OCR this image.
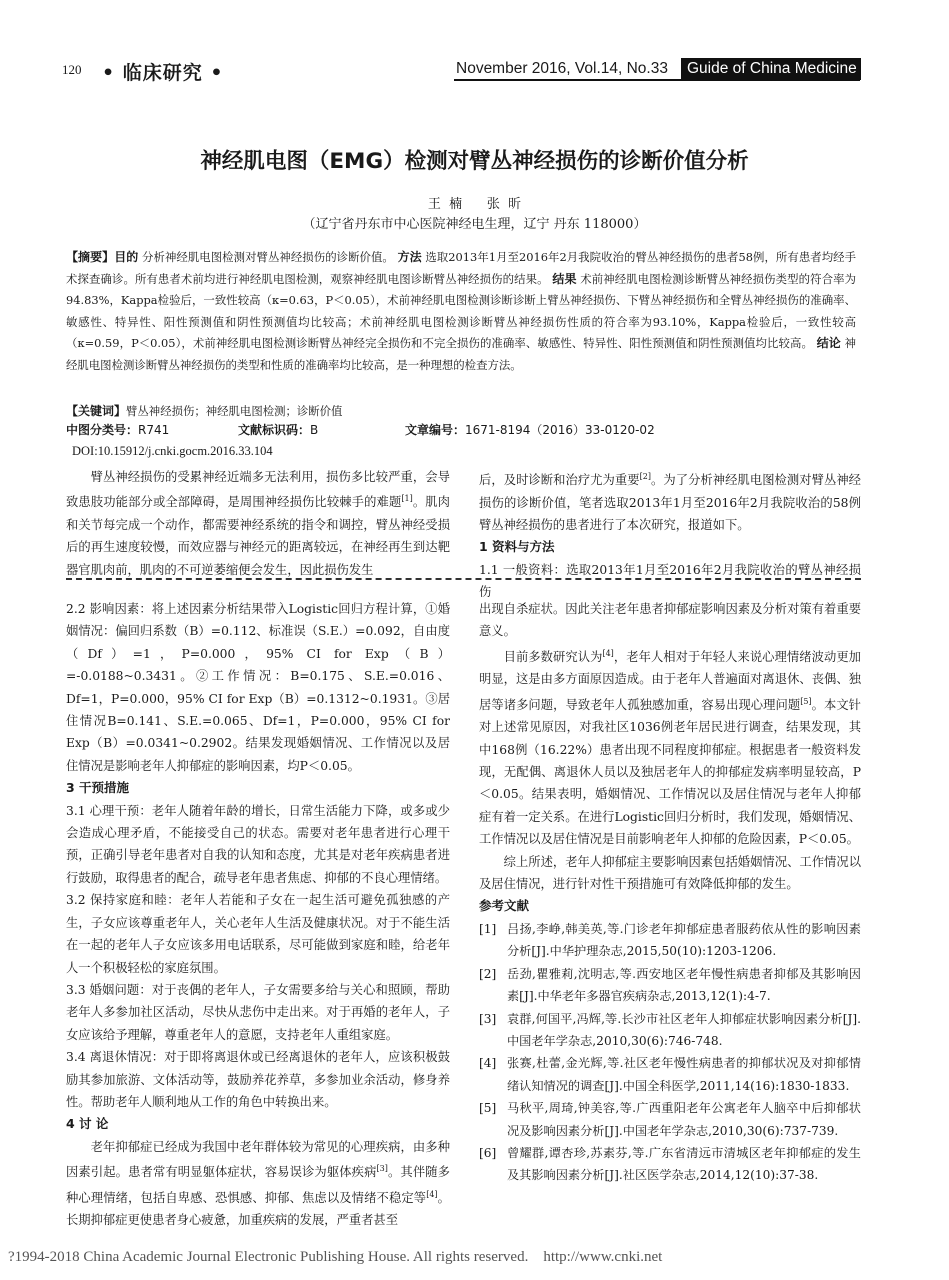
120 • 临床研究 •	November 2016, Vol.14, No.33	Guide of China Medicine
神经肌电图（EMG）检测对臂丛神经损伤的诊断价值分析
王  楠      张  昕
（辽宁省丹东市中心医院神经电生理，辽宁 丹东 118000）
【摘要】目的 分析神经肌电图检测对臂丛神经损伤的诊断价值。 方法 选取2013年1月至2016年2月我院收治的臂丛神经损伤的患者58例，所有患者均经手术探查确诊。所有患者术前均进行神经肌电图检测，观察神经肌电图诊断臂丛神经损伤的结果。 结果 术前神经肌电图检测诊断臂丛神经损伤类型的符合率为94.83%，Kappa检验后，一致性较高（κ=0.63，P＜0.05），术前神经肌电图检测诊断诊断上臂丛神经损伤、下臂丛神经损伤和全臂丛神经损伤的准确率、敏感性、特异性、阳性预测值和阴性预测值均比较高；术前神经肌电图检测诊断臂丛神经损伤性质的符合率为93.10%，Kappa检验后，一致性较高（κ=0.59，P＜0.05），术前神经肌电图检测诊断臂丛神经完全损伤和不完全损伤的准确率、敏感性、特异性、阳性预测值和阴性预测值均比较高。 结论 神经肌电图检测诊断臂丛神经损伤的类型和性质的准确率均比较高，是一种理想的检查方法。
【关键词】臂丛神经损伤；神经肌电图检测；诊断价值
中图分类号：R741	文献标识码：B	文章编号：1671-8194（2016）33-0120-02
DOI:10.15912/j.cnki.gocm.2016.33.104

臂丛神经损伤的受累神经近端多无法利用，损伤多比较严重，会导致患肢功能部分或全部障碍，是周围神经损伤比较棘手的难题[1]。肌肉和关节每完成一个动作，都需要神经系统的指令和调控，臂丛神经受损后的再生速度较慢，而效应器与神经元的距离较远，在神经再生到达靶器官肌肉前，肌肉的不可逆萎缩便会发生，因此损伤发生

后，及时诊断和治疗尤为重要[2]。为了分析神经肌电图检测对臂丛神经损伤的诊断价值，笔者选取2013年1月至2016年2月我院收治的58例臂丛神经损伤的患者进行了本次研究，报道如下。

1 资料与方法

1.1 一般资料：选取2013年1月至2016年2月我院收治的臂丛神经损伤

2.2 影响因素：将上述因素分析结果带入Logistic回归方程计算，①婚姻情况：偏回归系数（B）=0.112、标准误（S.E.）=0.092，自由度（Df）=1，P=0.000，95% CI for Exp（B）=-0.0188~0.3431。②工作情况：B=0.175、S.E.=0.016、Df=1，P=0.000，95% CI for Exp（B）=0.1312~0.1931。③居住情况B=0.141、S.E.=0.065、Df=1，P=0.000，95% CI for Exp（B）=0.0341~0.2902。结果发现婚姻情况、工作情况以及居住情况是影响老年人抑郁症的影响因素，均P＜0.05。

3 干预措施

3.1 心理干预：老年人随着年龄的增长，日常生活能力下降，或多或少会造成心理矛盾，不能接受自己的状态。需要对老年患者进行心理干预，正确引导老年患者对自我的认知和态度，尤其是对老年疾病患者进行鼓励，取得患者的配合，疏导老年患者焦虑、抑郁的不良心理情绪。

3.2 保持家庭和睦：老年人若能和子女在一起生活可避免孤独感的产生，子女应该尊重老年人，关心老年人生活及健康状况。对于不能生活在一起的老年人子女应该多用电话联系，尽可能做到家庭和睦，给老年人一个积极轻松的家庭氛围。

3.3 婚姻问题：对于丧偶的老年人，子女需要多给与关心和照顾，帮助老年人多参加社区活动，尽快从悲伤中走出来。对于再婚的老年人，子女应该给予理解，尊重老年人的意愿，支持老年人重组家庭。

3.4 离退休情况：对于即将离退休或已经离退休的老年人，应该积极鼓励其参加旅游、文体活动等，鼓励养花养草，多参加业余活动，修身养性。帮助老年人顺利地从工作的角色中转换出来。

4 讨 论

老年抑郁症已经成为我国中老年群体较为常见的心理疾病，由多种因素引起。患者常有明显躯体症状，容易误诊为躯体疾病[3]。其伴随多种心理情绪，包括自卑感、恐惧感、抑郁、焦虑以及情绪不稳定等[4]。长期抑郁症更使患者身心疲惫，加重疾病的发展，严重者甚至

出现自杀症状。因此关注老年患者抑郁症影响因素及分析对策有着重要意义。

目前多数研究认为[4]，老年人相对于年轻人来说心理情绪波动更加明显，这是由多方面原因造成。由于老年人普遍面对离退休、丧偶、独居等诸多问题，导致老年人孤独感加重，容易出现心理问题[5]。本文针对上述常见原因，对我社区1036例老年居民进行调查，结果发现，其中168例（16.22%）患者出现不同程度抑郁症。根据患者一般资料发现，无配偶、离退休人员以及独居老年人的抑郁症发病率明显较高，P＜0.05。结果表明，婚姻情况、工作情况以及居住情况与老年人抑郁症有着一定关系。在进行Logistic回归分析时，我们发现，婚姻情况、工作情况以及居住情况是目前影响老年人抑郁的危险因素，P＜0.05。

综上所述，老年人抑郁症主要影响因素包括婚姻情况、工作情况以及居住情况，进行针对性干预措施可有效降低抑郁的发生。

参考文献

[1] 吕扬,李峥,韩美英,等.门诊老年抑郁症患者服药依从性的影响因素分析[J].中华护理杂志,2015,50(10):1203-1206.
[2] 岳劲,瞿雅莉,沈明志,等.西安地区老年慢性病患者抑郁及其影响因素[J].中华老年多器官疾病杂志,2013,12(1):4-7.
[3] 袁群,何国平,冯辉,等.长沙市社区老年人抑郁症状影响因素分析[J].中国老年学杂志,2010,30(6):746-748.
[4] 张赛,杜蕾,金光辉,等.社区老年慢性病患者的抑郁状况及对抑郁情绪认知情况的调查[J].中国全科医学,2011,14(16):1830-1833.
[5] 马秋平,周琦,钟美容,等.广西重阳老年公寓老年人脑卒中后抑郁状况及影响因素分析[J].中国老年学杂志,2010,30(6):737-739.
[6] 曾耀群,谭杏珍,苏素芬,等.广东省清远市清城区老年抑郁症的发生及其影响因素分析[J].社区医学杂志,2014,12(10):37-38.
?1994-2018 China Academic Journal Electronic Publishing House. All rights reserved.    http://www.cnki.net
